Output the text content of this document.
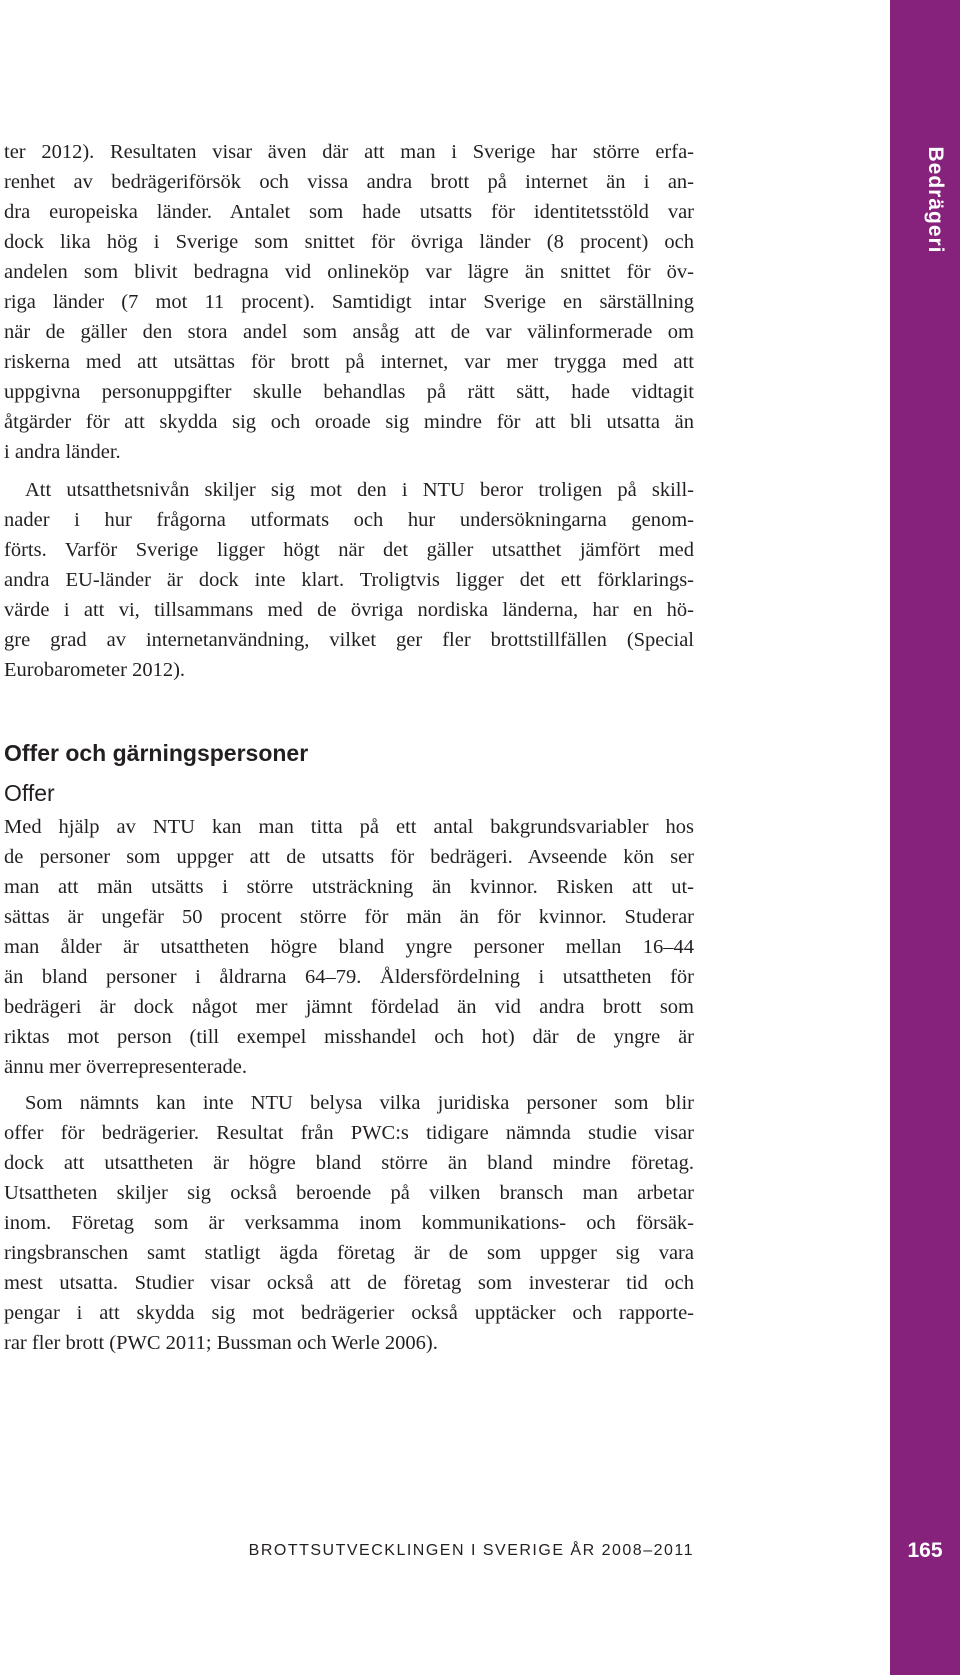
Bedrägeri
ter 2012). Resultaten visar även där att man i Sverige har större erfa-
renhet av bedrägeriförsök och vissa andra brott på internet än i an-
dra europeiska länder. Antalet som hade utsatts för identitetsstöld var
dock lika hög i Sverige som snittet för övriga länder (8 procent) och
andelen som blivit bedragna vid onlineköp var lägre än snittet för öv-
riga länder (7 mot 11 procent). Samtidigt intar Sverige en särställning
när de gäller den stora andel som ansåg att de var välinformerade om
riskerna med att utsättas för brott på internet, var mer trygga med att
uppgivna personuppgifter skulle behandlas på rätt sätt, hade vidtagit
åtgärder för att skydda sig och oroade sig mindre för att bli utsatta än
i andra länder.
Att utsatthetsnivån skiljer sig mot den i NTU beror troligen på skill-
nader i hur frågorna utformats och hur undersökningarna genom-
förts. Varför Sverige ligger högt när det gäller utsatthet jämfört med
andra EU-länder är dock inte klart. Troligtvis ligger det ett förklarings-
värde i att vi, tillsammans med de övriga nordiska länderna, har en hö-
gre grad av internetanvändning, vilket ger fler brottstillfällen (Special
Eurobarometer 2012).
Offer och gärningspersoner
Offer
Med hjälp av NTU kan man titta på ett antal bakgrundsvariabler hos
de personer som uppger att de utsatts för bedrägeri. Avseende kön ser
man att män utsätts i större utsträckning än kvinnor. Risken att ut-
sättas är ungefär 50 procent större för män än för kvinnor. Studerar
man ålder är utsattheten högre bland yngre personer mellan 16–44
än bland personer i åldrarna 64–79. Åldersfördelning i utsattheten för
bedrägeri är dock något mer jämnt fördelad än vid andra brott som
riktas mot person (till exempel misshandel och hot) där de yngre är
ännu mer överrepresenterade.
Som nämnts kan inte NTU belysa vilka juridiska personer som blir
offer för bedrägerier. Resultat från PWC:s tidigare nämnda studie visar
dock att utsattheten är högre bland större än bland mindre företag.
Utsattheten skiljer sig också beroende på vilken bransch man arbetar
inom. Företag som är verksamma inom kommunikations- och försäk-
ringsbranschen samt statligt ägda företag är de som uppger sig vara
mest utsatta. Studier visar också att de företag som investerar tid och
pengar i att skydda sig mot bedrägerier också upptäcker och rapporte-
rar fler brott (PWC 2011; Bussman och Werle 2006).
BROTTSUTVECKLINGEN I SVERIGE ÅR 2008–2011	165
